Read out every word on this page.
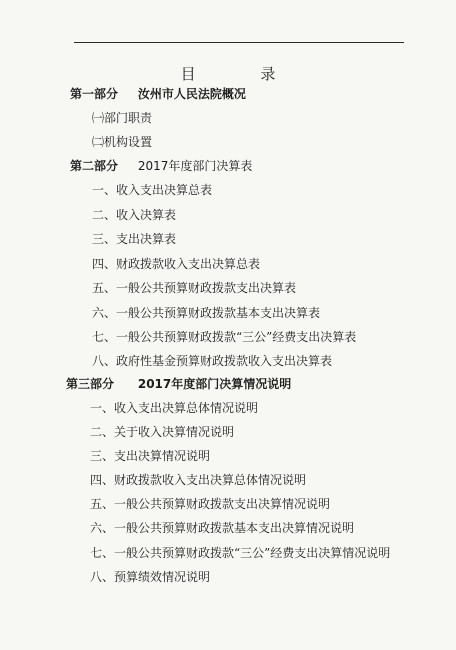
目 录
第一部分 汝州市人民法院概况
㈠部门职责
㈡机构设置
第二部分 2017年度部门决算表
一、收入支出决算总表
二、收入决算表
三、支出决算表
四、财政拨款收入支出决算总表
五、一般公共预算财政拨款支出决算表
六、一般公共预算财政拨款基本支出决算表
七、一般公共预算财政拨款“三公”经费支出决算表
八、政府性基金预算财政拨款收入支出决算表
第三部分 2017年度部门决算情况说明
一、收入支出决算总体情况说明
二、关于收入决算情况说明
三、支出决算情况说明
四、财政拨款收入支出决算总体情况说明
五、一般公共预算财政拨款支出决算情况说明
六、一般公共预算财政拨款基本支出决算情况说明
七、一般公共预算财政拨款“三公”经费支出决算情况说明
八、预算绩效情况说明
